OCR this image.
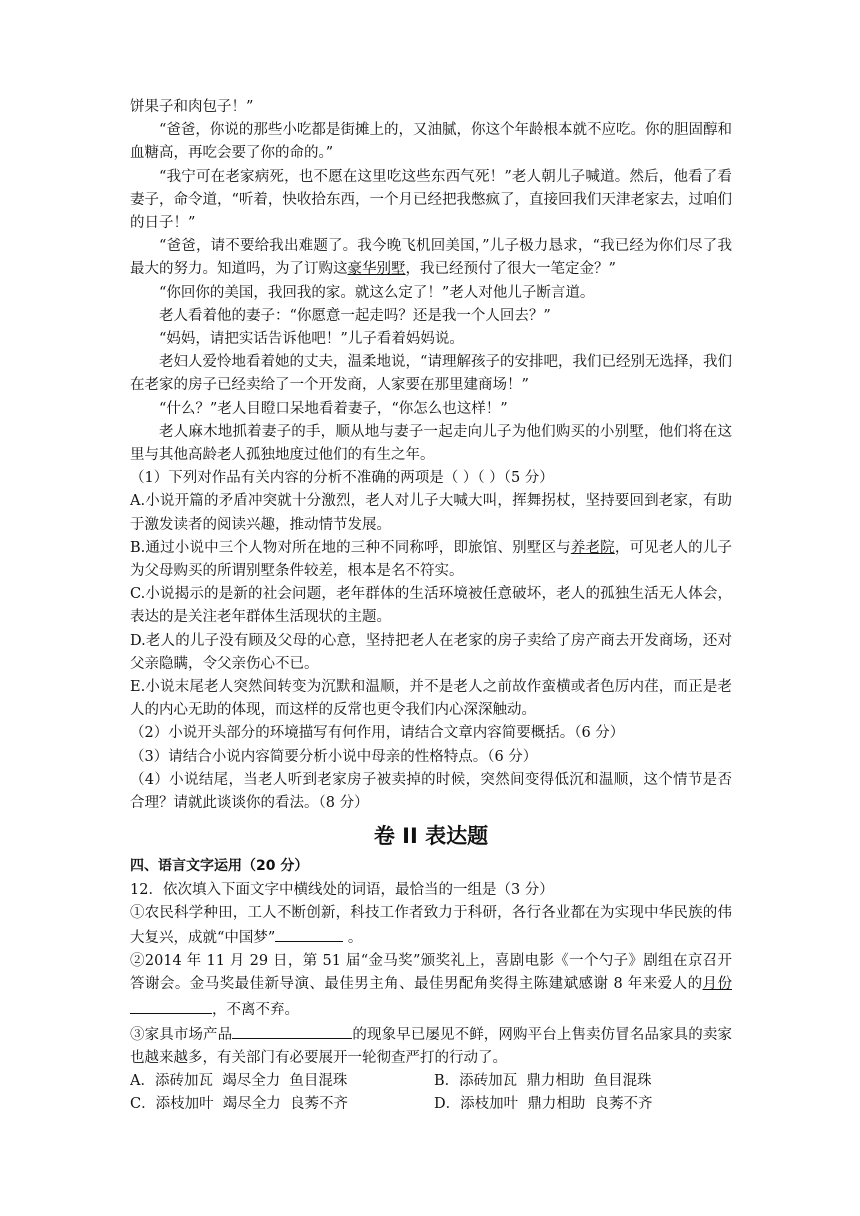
饼果子和肉包子！”

“爸爸，你说的那些小吃都是街摊上的，又油腻，你这个年龄根本就不应吃。你的胆固醇和血糖高，再吃会要了你的命的。”

“我宁可在老家病死，也不愿在这里吃这些东西气死！”老人朝儿子喊道。然后，他看了看妻子，命令道，“听着，快收拾东西，一个月已经把我憋疯了，直接回我们天津老家去，过咱们的日子！”

“爸爸，请不要给我出难题了。我今晚飞机回美国，”儿子极力恳求，“我已经为你们尽了我最大的努力。知道吗，为了订购这豪华别墅，我已经预付了很大一笔定金？”

“你回你的美国，我回我的家。就这么定了！”老人对他儿子断言道。

老人看着他的妻子：“你愿意一起走吗？还是我一个人回去？”

“妈妈，请把实话告诉他吧！”儿子看着妈妈说。

老妇人爱怜地看着她的丈夫，温柔地说，“请理解孩子的安排吧，我们已经别无选择，我们在老家的房子已经卖给了一个开发商，人家要在那里建商场！”

“什么？”老人目瞪口呆地看着妻子，“你怎么也这样！”

老人麻木地抓着妻子的手，顺从地与妻子一起走向儿子为他们购买的小别墅，他们将在这里与其他高龄老人孤独地度过他们的有生之年。

（1）下列对作品有关内容的分析不准确的两项是（ ）（ ）（5 分）

A.小说开篇的矛盾冲突就十分激烈，老人对儿子大喊大叫，挥舞拐杖，坚持要回到老家，有助于激发读者的阅读兴趣，推动情节发展。

B.通过小说中三个人物对所在地的三种不同称呼，即旅馆、别墅区与养老院，可见老人的儿子为父母购买的所谓别墅条件较差，根本是名不符实。

C.小说揭示的是新的社会问题，老年群体的生活环境被任意破坏，老人的孤独生活无人体会，表达的是关注老年群体生活现状的主题。

D.老人的儿子没有顾及父母的心意，坚持把老人在老家的房子卖给了房产商去开发商场，还对父亲隐瞒，令父亲伤心不已。

E.小说末尾老人突然间转变为沉默和温顺，并不是老人之前故作蛮横或者色厉内荏，而正是老人的内心无助的体现，而这样的反常也更令我们内心深深触动。

（2）小说开头部分的环境描写有何作用，请结合文章内容简要概括。（6 分）

（3）请结合小说内容简要分析小说中母亲的性格特点。（6 分）

（4）小说结尾，当老人听到老家房子被卖掉的时候，突然间变得低沉和温顺，这个情节是否合理？请就此谈谈你的看法。（8 分）

卷 II 表达题

四、语言文字运用（20 分）

12．依次填入下面文字中横线处的词语，最恰当的一组是（3 分）

①农民科学种田，工人不断创新，科技工作者致力于科研，各行各业都在为实现中华民族的伟大复兴，成就“中国梦”	。

②2014 年 11 月 29 日，第 51 届“金马奖”颁奖礼上，喜剧电影《一个勺子》剧组在京召开答谢会。金马奖最佳新导演、最佳男主角、最佳男配角奖得主陈建斌感谢 8 年来爱人的月份 ，不离不弃。

③家具市场产品	的现象早已屡见不鲜，网购平台上售卖仿冒名品家具的卖家也越来越多，有关部门有必要展开一轮彻查严打的行动了。

A．添砖加瓦  竭尽全力  鱼目混珠	B．添砖加瓦  鼎力相助  鱼目混珠
C．添枝加叶  竭尽全力  良莠不齐	D．添枝加叶  鼎力相助  良莠不齐
